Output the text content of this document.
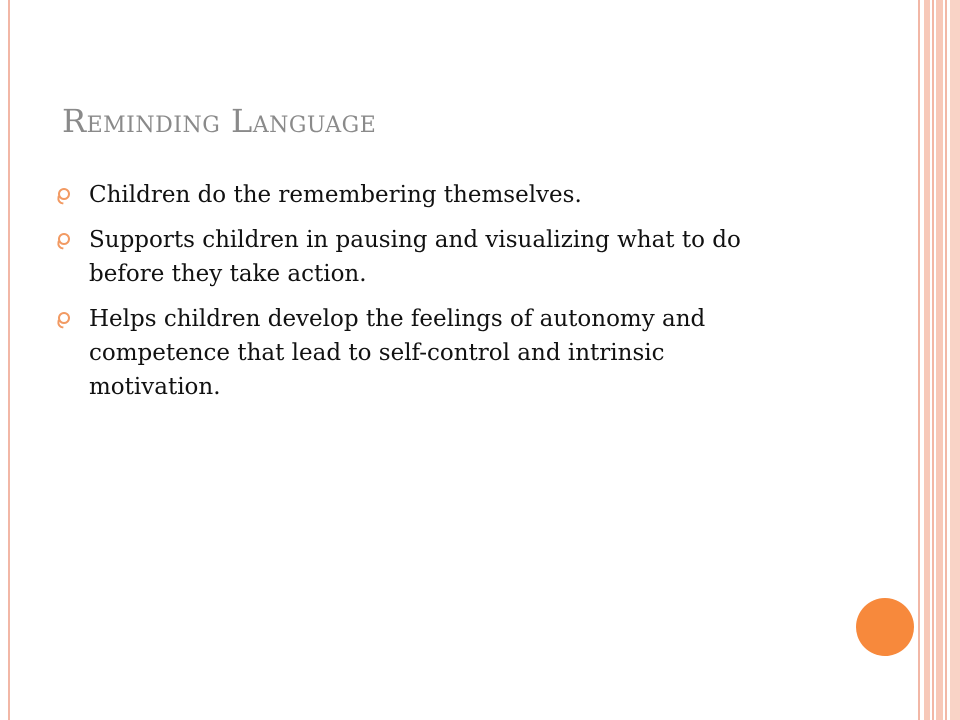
Reminding Language
Children do the remembering themselves.
Supports children in pausing and visualizing what to do before they take action.
Helps children develop the feelings of autonomy and competence that lead to self-control and intrinsic motivation.
